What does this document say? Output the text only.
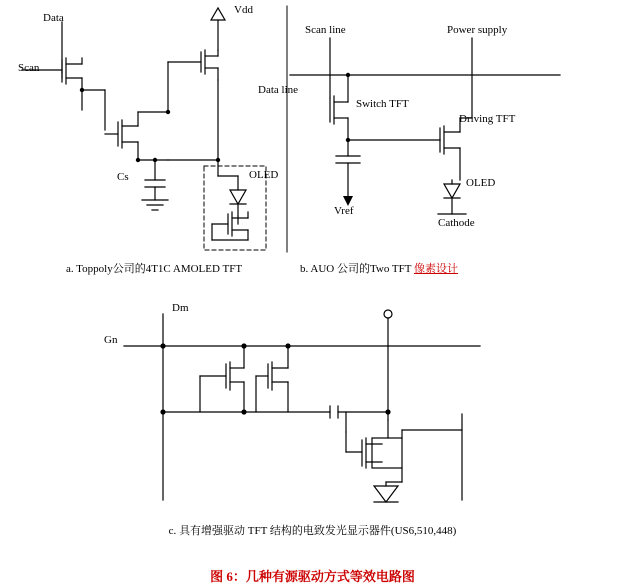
Data
Vdd
Scan
Cs	OLED
Scan line	Power supply
Data line
Switch TFT
Driving TFT
OLED
Vref
Cathode
Dm
Gn
a. Toppoly公司的4T1C AMOLED TFT	b. AUO 公司的Two TFT 像素设计
c. 具有增强驱动 TFT 结构的电致发光显示器件(US6,510,448)
图 6：几种有源驱动方式等效电路图
